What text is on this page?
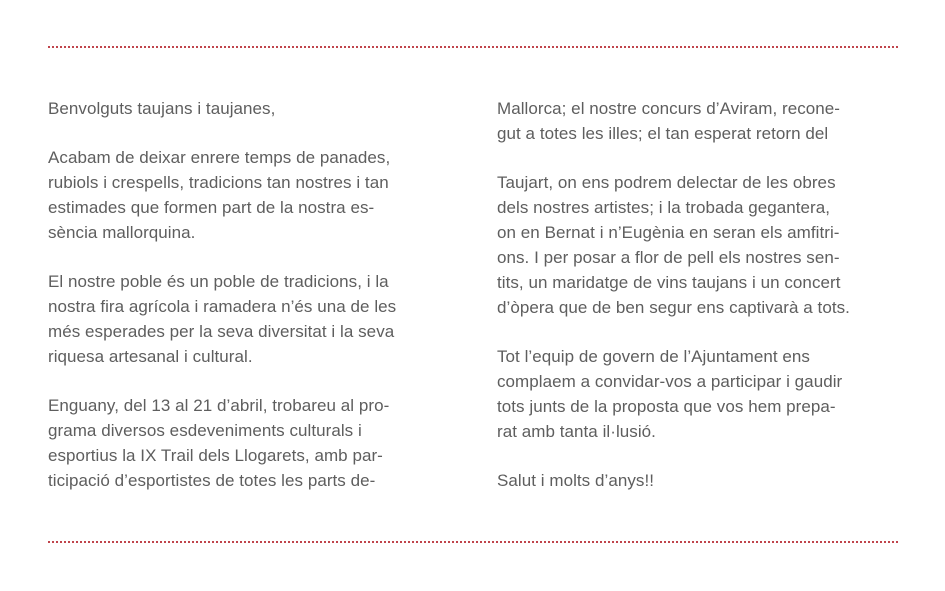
Benvolguts taujans i taujanes,
Acabam de deixar enrere temps de panades,
rubiols i crespells, tradicions tan nostres i tan
estimades que formen part de la nostra es-
sència mallorquina.
El nostre poble és un poble de tradicions, i la
nostra fira agrícola i ramadera n’és una de les
més esperades per la seva diversitat i la seva
riquesa artesanal i cultural.
Enguany, del 13 al 21 d’abril, trobareu al pro-
grama diversos esdeveniments culturals i
esportius la IX Trail dels Llogarets, amb par-
ticipació d’esportistes de totes les parts de-
Mallorca; el nostre concurs d’Aviram, recone-
gut a totes les illes; el tan esperat retorn del
Taujart, on ens podrem delectar de les obres
dels nostres artistes; i la trobada gegantera,
on en Bernat i n’Eugènia en seran els amfitri-
ons. I per posar a flor de pell els nostres sen-
tits, un maridatge de vins taujans i un concert
d’òpera que de ben segur ens captivarà a tots.
Tot l’equip de govern de l’Ajuntament ens
complaem a convidar-vos a participar i gaudir
tots junts de la proposta que vos hem prepa-
rat amb tanta il·lusió.
Salut i molts d’anys!!
